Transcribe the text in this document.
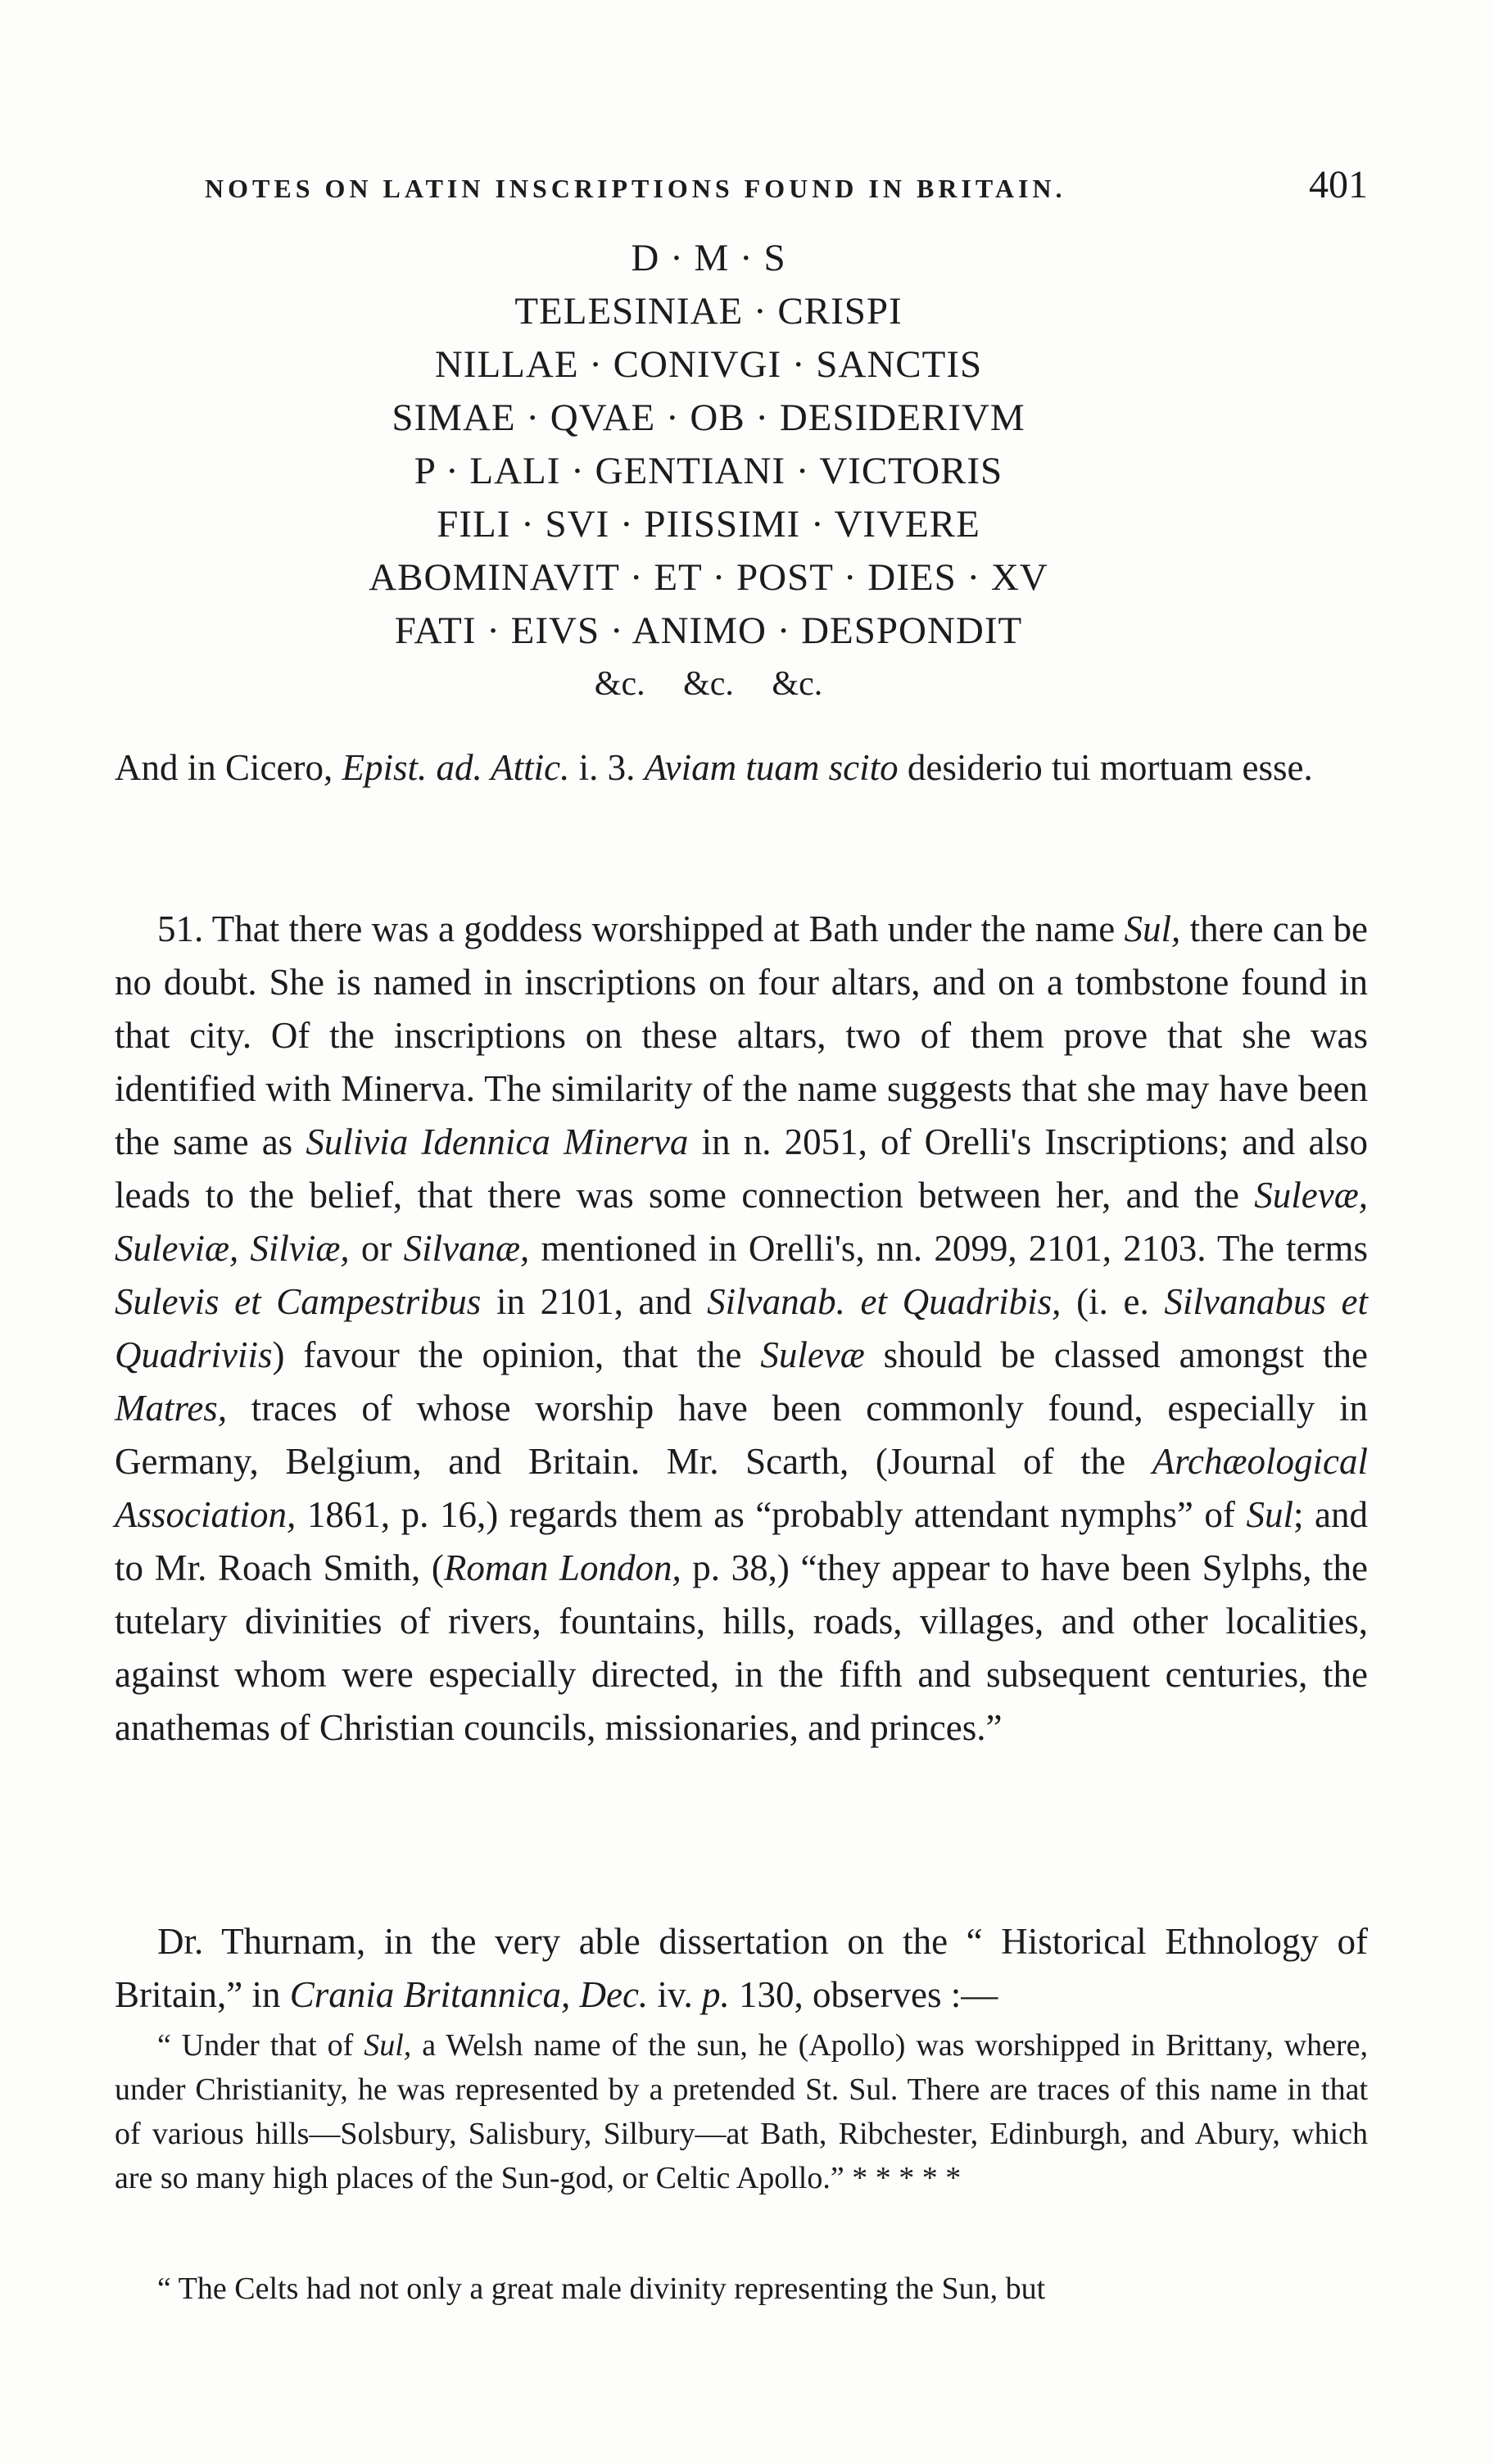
NOTES ON LATIN INSCRIPTIONS FOUND IN BRITAIN.	401
D · M · S
TELESINIAE · CRISPI
NILLAE · CONIVGI · SANCTIS
SIMAE · QVAE · OB · DESIDERIVM
P · LALI · GENTIANI · VICTORIS
FILI · SVI · PIISSIMI · VIVERE
ABOMINAVIT · ET · POST · DIES · XV
FATI · EIVS · ANIMO · DESPONDIT
&c. &c. &c.

And in Cicero, Epist. ad. Attic. i. 3. Aviam tuam scito desiderio tui mortuam esse.

51. That there was a goddess worshipped at Bath under the name Sul, there can be no doubt. She is named in inscriptions on four altars, and on a tombstone found in that city. Of the inscriptions on these altars, two of them prove that she was identified with Minerva. The similarity of the name suggests that she may have been the same as Sulivia Idennica Minerva in n. 2051, of Orelli's Inscriptions; and also leads to the belief, that there was some connection between her, and the Sulevæ, Suleviæ, Silviæ, or Silvanæ, mentioned in Orelli's, nn. 2099, 2101, 2103. The terms Sulevis et Campestribus in 2101, and Silvanab. et Quadribis, (i. e. Silvanabus et Quadriviis) favour the opinion, that the Sulevæ should be classed amongst the Matres, traces of whose worship have been commonly found, especially in Germany, Belgium, and Britain. Mr. Scarth, (Journal of the Archæological Association, 1861, p. 16,) regards them as “probably attendant nymphs” of Sul; and to Mr. Roach Smith, (Roman London, p. 38,) “they appear to have been Sylphs, the tutelary divinities of rivers, fountains, hills, roads, villages, and other localities, against whom were especially directed, in the fifth and subsequent centuries, the anathemas of Christian councils, missionaries, and princes.”

Dr. Thurnam, in the very able dissertation on the “ Historical Ethnology of Britain,” in Crania Britannica, Dec. iv. p. 130, observes :—

“ Under that of Sul, a Welsh name of the sun, he (Apollo) was worshipped in Brittany, where, under Christianity, he was represented by a pretended St. Sul. There are traces of this name in that of various hills—Solsbury, Salisbury, Silbury—at Bath, Ribchester, Edinburgh, and Abury, which are so many high places of the Sun-god, or Celtic Apollo.” * * * * *

“ The Celts had not only a great male divinity representing the Sun, but
